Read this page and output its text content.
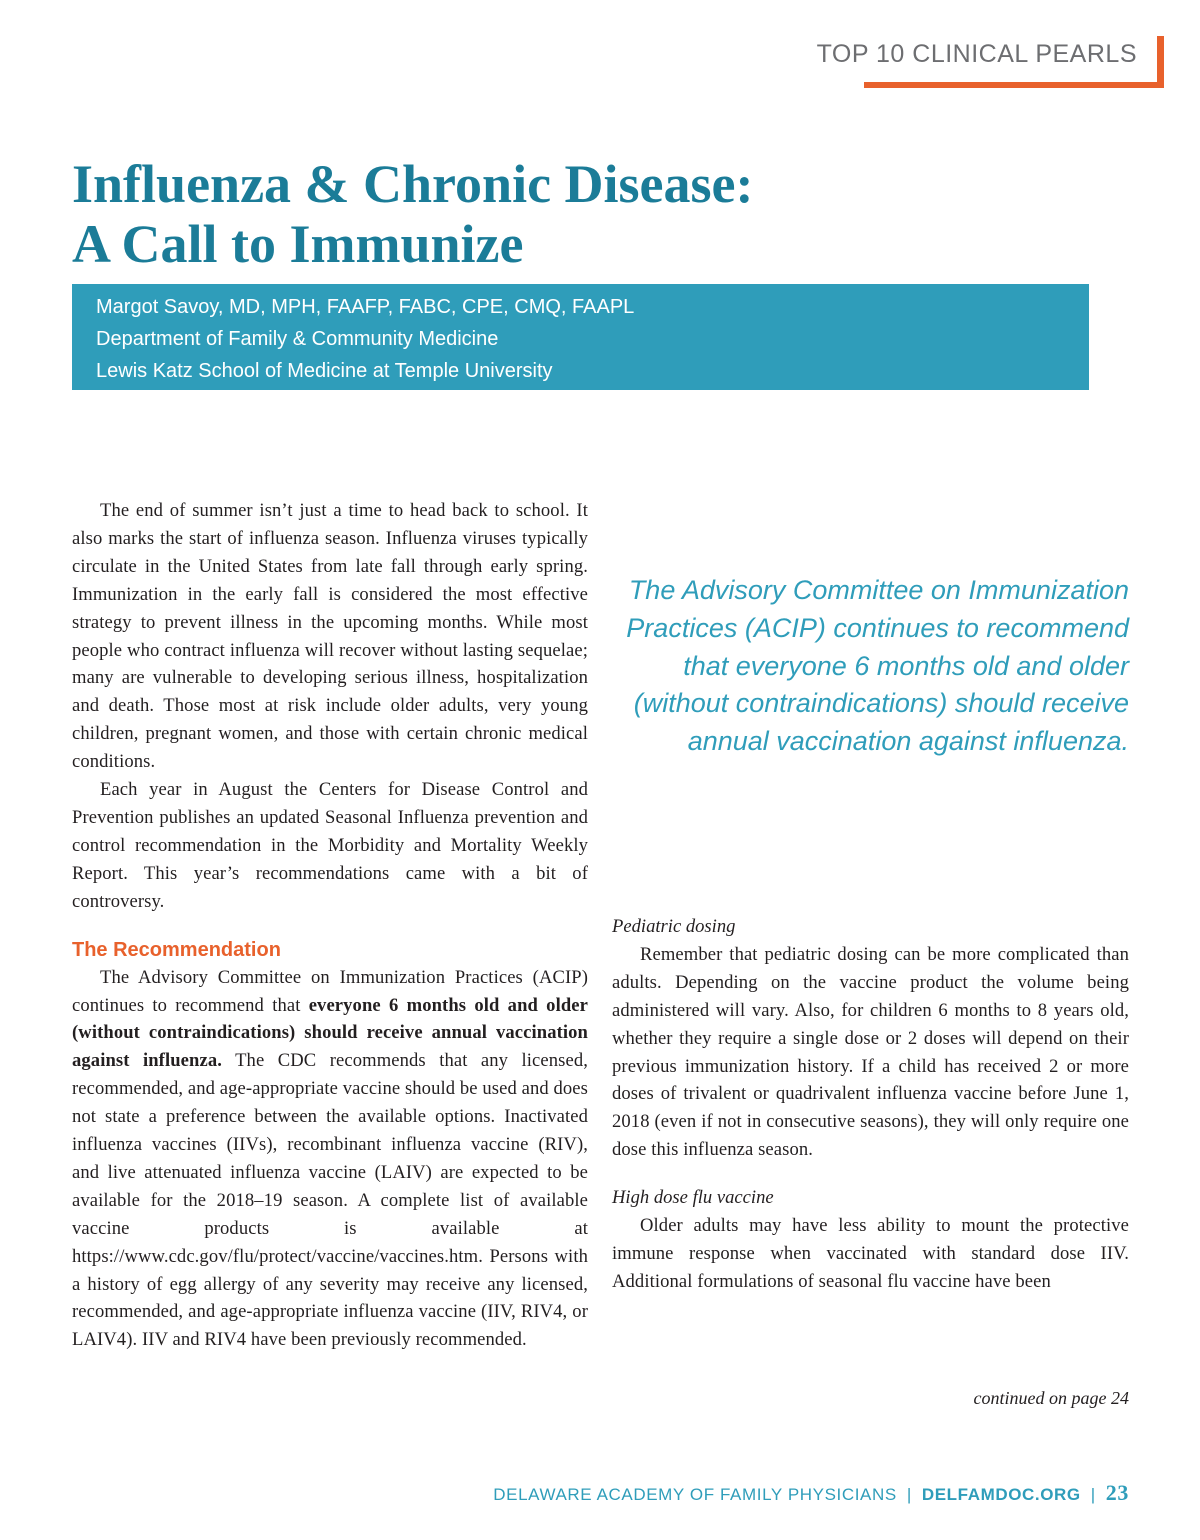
TOP 10 CLINICAL PEARLS
Influenza & Chronic Disease:
A Call to Immunize
Margot Savoy, MD, MPH, FAAFP, FABC, CPE, CMQ, FAAPL
Department of Family & Community Medicine
Lewis Katz School of Medicine at Temple University

The end of summer isn’t just a time to head back to school. It also marks the start of influenza season. Influenza viruses typically circulate in the United States from late fall through early spring. Immunization in the early fall is considered the most effective strategy to prevent illness in the upcoming months. While most people who contract influenza will recover without lasting sequelae; many are vulnerable to developing serious illness, hospitalization and death. Those most at risk include older adults, very young children, pregnant women, and those with certain chronic medical conditions.

Each year in August the Centers for Disease Control and Prevention publishes an updated Seasonal Influenza prevention and control recommendation in the Morbidity and Mortality Weekly Report. This year’s recommendations came with a bit of controversy.

The Recommendation

The Advisory Committee on Immunization Practices (ACIP) continues to recommend that everyone 6 months old and older (without contraindications) should receive annual vaccination against influenza. The CDC recommends that any licensed, recommended, and age-appropriate vaccine should be used and does not state a preference between the available options. Inactivated influenza vaccines (IIVs), recombinant influenza vaccine (RIV), and live attenuated influenza vaccine (LAIV) are expected to be available for the 2018–19 season. A complete list of available vaccine products is available at https://www.cdc.gov/flu/protect/vaccine/vaccines.htm. Persons with a history of egg allergy of any severity may receive any licensed, recommended, and age-appropriate influenza vaccine (IIV, RIV4, or LAIV4). IIV and RIV4 have been previously recommended.

The Advisory Committee on Immunization Practices (ACIP) continues to recommend that everyone 6 months old and older (without contraindications) should receive annual vaccination against influenza.

Pediatric dosing

Remember that pediatric dosing can be more complicated than adults. Depending on the vaccine product the volume being administered will vary. Also, for children 6 months to 8 years old, whether they require a single dose or 2 doses will depend on their previous immunization history. If a child has received 2 or more doses of trivalent or quadrivalent influenza vaccine before June 1, 2018 (even if not in consecutive seasons), they will only require one dose this influenza season.

High dose flu vaccine

Older adults may have less ability to mount the protective immune response when vaccinated with standard dose IIV. Additional formulations of seasonal flu vaccine have been

continued on page 24
DELAWARE ACADEMY OF FAMILY PHYSICIANS | DELFAMDOC.ORG | 23
